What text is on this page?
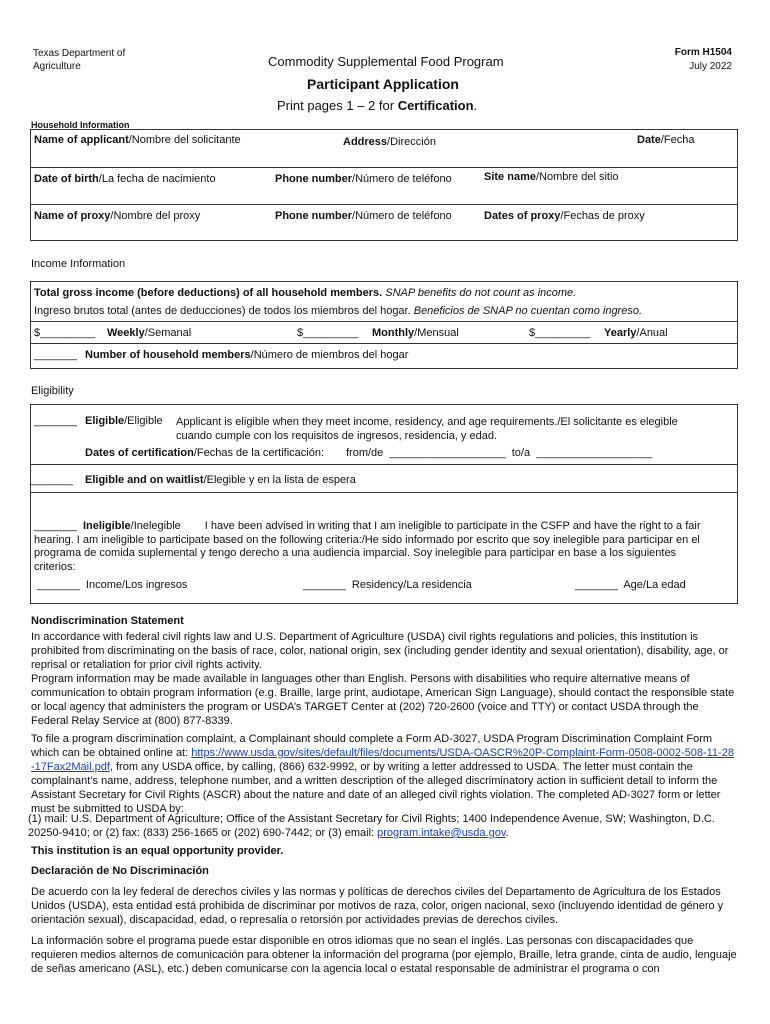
Texas Department of
Agriculture	Commodity Supplemental Food Program
Participant Application
Print pages 1 – 2 for Certification.
Form H1504
July 2022
Household Information
Name of applicant/Nombre del solicitante	Address/Dirección	Date/Fecha
Date of birth/La fecha de nacimiento	Phone number/Número de teléfono	Site name/Nombre del sitio
Name of proxy/Nombre del proxy	Phone number/Número de teléfono	Dates of proxy/Fechas de proxy
Income Information
Total gross income (before deductions) of all household members. SNAP benefits do not count as income.
Ingreso brutos total (antes de deducciones) de todos los miembros del hogar. Beneficios de SNAP no cuentan como ingreso.
$_________ Weekly/Semanal	$_________ Monthly/Mensual	$_________ Yearly/Anual
_______ Number of household members/Número de miembros del hogar
Eligibility
_______ Eligible/Eligible Applicant is eligible when they meet income, residency, and age requirements./El solicitante es elegible
cuando cumple con los requisitos de ingresos, residencia, y edad.
Dates of certification/Fechas de la certificación: from/de  ___________________  to/a  ___________________
_______ Eligible and on waitlist/Elegible y en la lista de espera
_______ Ineligible/Inelegible I have been advised in writing that I am ineligible to participate in the CSFP and have the right to a fair
hearing. I am ineligible to participate based on the following criteria:/He sido informado por escrito que soy inelegible para participar en el
programa de comida suplemental y tengo derecho a una audiencia imparcial. Soy inelegible para participar en base a los siguientes
criterios:
_______  Income/Los ingresos	_______  Residency/La residencia	_______  Age/La edad
Nondiscrimination Statement
In accordance with federal civil rights law and U.S. Department of Agriculture (USDA) civil rights regulations and policies, this institution is prohibited from discriminating on the basis of race, color, national origin, sex (including gender identity and sexual orientation), disability, age, or reprisal or retaliation for prior civil rights activity.
Program information may be made available in languages other than English. Persons with disabilities who require alternative means of communication to obtain program information (e.g. Braille, large print, audiotape, American Sign Language), should contact the responsible state or local agency that administers the program or USDA’s TARGET Center at (202) 720-2600 (voice and TTY) or contact USDA through the Federal Relay Service at (800) 877-8339.
To file a program discrimination complaint, a Complainant should complete a Form AD-3027, USDA Program Discrimination Complaint Form which can be obtained online at: https://www.usda.gov/sites/default/files/documents/USDA-OASCR%20P-Complaint-Form-0508-0002-508-11-28-17Fax2Mail.pdf, from any USDA office, by calling, (866) 632-9992, or by writing a letter addressed to USDA. The letter must contain the complainant’s name, address, telephone number, and a written description of the alleged discriminatory action in sufficient detail to inform the Assistant Secretary for Civil Rights (ASCR) about the nature and date of an alleged civil rights violation. The completed AD-3027 form or letter must be submitted to USDA by:
(1) mail: U.S. Department of Agriculture; Office of the Assistant Secretary for Civil Rights; 1400 Independence Avenue, SW; Washington, D.C. 20250-9410; or (2) fax: (833) 256-1665 or (202) 690-7442; or (3) email: program.intake@usda.gov.
This institution is an equal opportunity provider.
Declaración de No Discriminación
De acuerdo con la ley federal de derechos civiles y las normas y políticas de derechos civiles del Departamento de Agricultura de los Estados Unidos (USDA), esta entidad está prohibida de discriminar por motivos de raza, color, origen nacional, sexo (incluyendo identidad de género y orientación sexual), discapacidad, edad, o represalia o retorsión por actividades previas de derechos civiles.
La información sobre el programa puede estar disponible en otros idiomas que no sean el inglés. Las personas con discapacidades que requieren medios alternos de comunicación para obtener la información del programa (por ejemplo, Braille, letra grande, cinta de audio, lenguaje de señas americano (ASL), etc.) deben comunicarse con la agencia local o estatal responsable de administrar el programa o con
